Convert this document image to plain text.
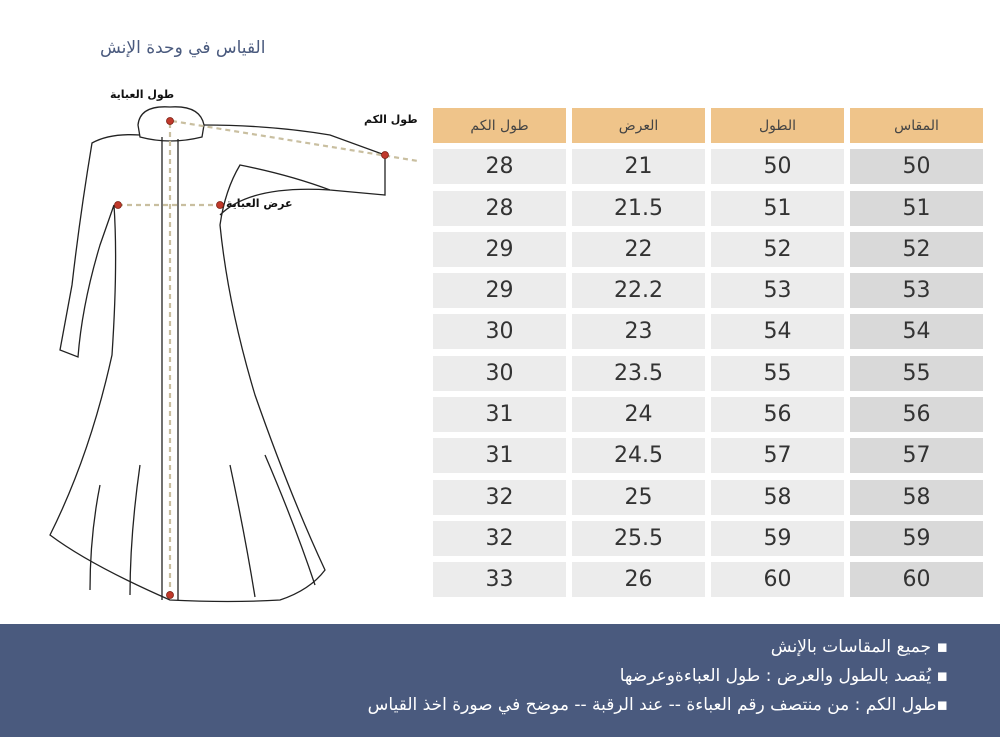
القياس في وحدة الإنش
طول العباية
طول الكم
عرض العباية
المقاس
الطول
العرض
طول الكم
50
50
21
28
51
51
21.5
28
52
52
22
29
53
53
22.2
29
54
54
23
30
55
55
23.5
30
56
56
24
31
57
57
24.5
31
58
58
25
32
59
59
25.5
32
60
60
26
33
▪ جميع المقاسات بالإنش
▪ يُقصد بالطول والعرض : طول العباءةوعرضها
▪طول الكم : من منتصف رقم العباءة -- عند الرقبة -- موضح في صورة اخذ القياس
